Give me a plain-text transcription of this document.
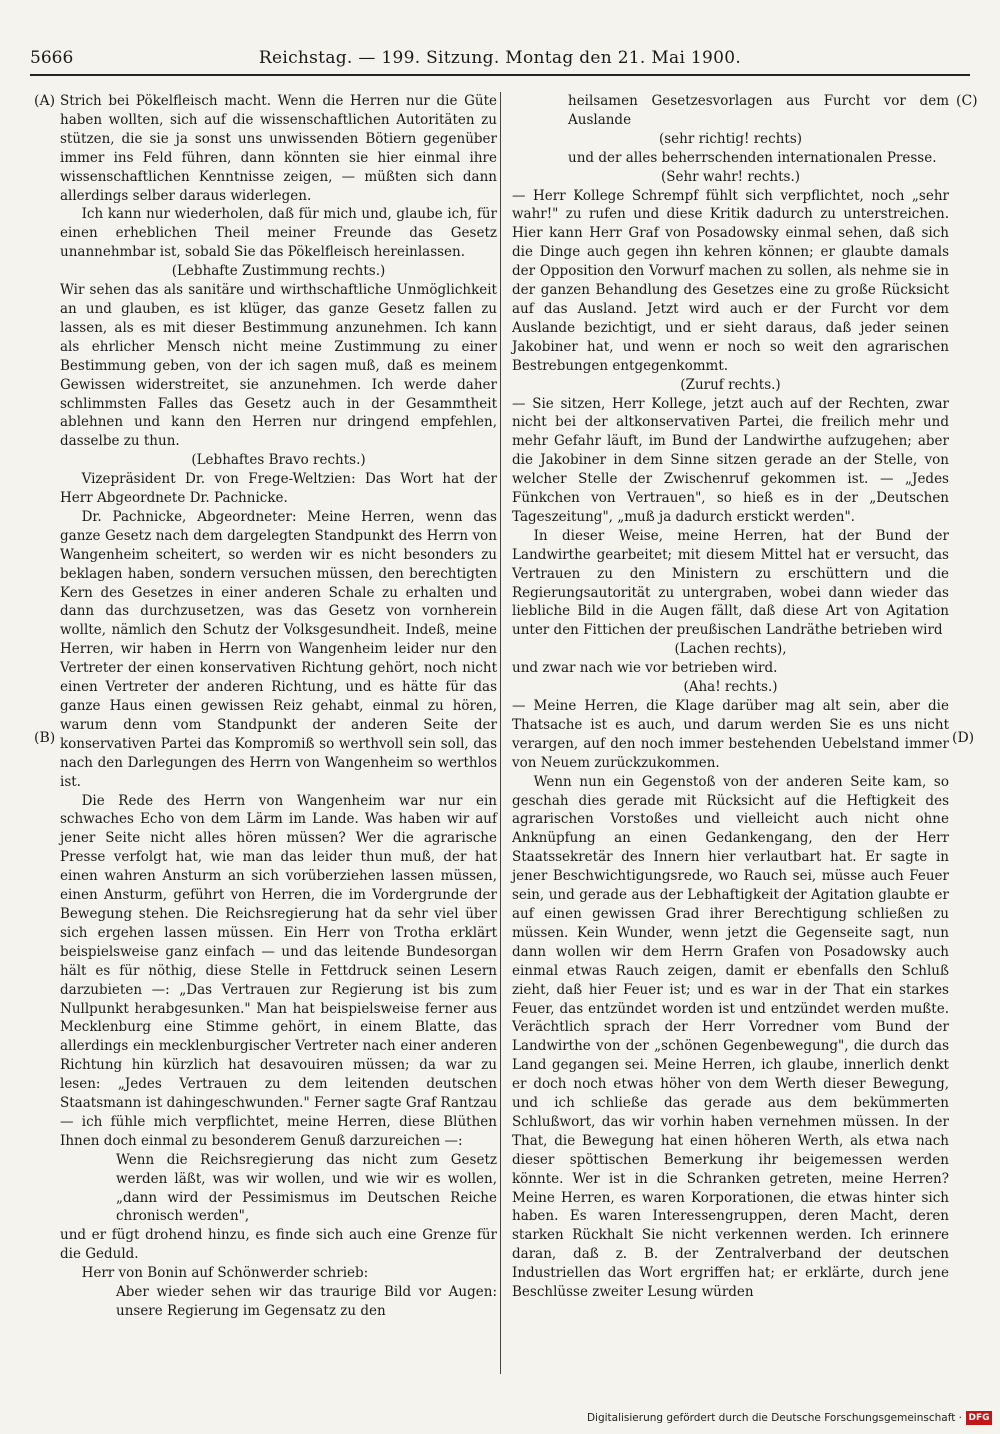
5666	Reichstag. — 199. Sitzung. Montag den 21. Mai 1900.
(A)
(B)
(C)
(D)

Strich bei Pökelfleisch macht. Wenn die Herren nur die Güte haben wollten, sich auf die wissenschaftlichen Autoritäten zu stützen, die sie ja sonst uns unwissenden Bötiern gegenüber immer ins Feld führen, dann könnten sie hier einmal ihre wissenschaftlichen Kenntnisse zeigen, — müßten sich dann allerdings selber daraus widerlegen.

Ich kann nur wiederholen, daß für mich und, glaube ich, für einen erheblichen Theil meiner Freunde das Gesetz unannehmbar ist, sobald Sie das Pökelfleisch hereinlassen.

(Lebhafte Zustimmung rechts.)

Wir sehen das als sanitäre und wirthschaftliche Unmöglichkeit an und glauben, es ist klüger, das ganze Gesetz fallen zu lassen, als es mit dieser Bestimmung anzunehmen. Ich kann als ehrlicher Mensch nicht meine Zustimmung zu einer Bestimmung geben, von der ich sagen muß, daß es meinem Gewissen widerstreitet, sie anzunehmen. Ich werde daher schlimmsten Falles das Gesetz auch in der Gesammtheit ablehnen und kann den Herren nur dringend empfehlen, dasselbe zu thun.

(Lebhaftes Bravo rechts.)

Vizepräsident Dr. von Frege-Weltzien: Das Wort hat der Herr Abgeordnete Dr. Pachnicke.

Dr. Pachnicke, Abgeordneter: Meine Herren, wenn das ganze Gesetz nach dem dargelegten Standpunkt des Herrn von Wangenheim scheitert, so werden wir es nicht besonders zu beklagen haben, sondern versuchen müssen, den berechtigten Kern des Gesetzes in einer anderen Schale zu erhalten und dann das durchzusetzen, was das Gesetz von vornherein wollte, nämlich den Schutz der Volksgesundheit. Indeß, meine Herren, wir haben in Herrn von Wangenheim leider nur den Vertreter der einen konservativen Richtung gehört, noch nicht einen Vertreter der anderen Richtung, und es hätte für das ganze Haus einen gewissen Reiz gehabt, einmal zu hören, warum denn vom Standpunkt der anderen Seite der konservativen Partei das Kompromiß so werthvoll sein soll, das nach den Darlegungen des Herrn von Wangenheim so werthlos ist.

Die Rede des Herrn von Wangenheim war nur ein schwaches Echo von dem Lärm im Lande. Was haben wir auf jener Seite nicht alles hören müssen? Wer die agrarische Presse verfolgt hat, wie man das leider thun muß, der hat einen wahren Ansturm an sich vorüberziehen lassen müssen, einen Ansturm, geführt von Herren, die im Vordergrunde der Bewegung stehen. Die Reichsregierung hat da sehr viel über sich ergehen lassen müssen. Ein Herr von Trotha erklärt beispielsweise ganz einfach — und das leitende Bundesorgan hält es für nöthig, diese Stelle in Fettdruck seinen Lesern darzubieten —: „Das Vertrauen zur Regierung ist bis zum Nullpunkt herabgesunken." Man hat beispielsweise ferner aus Mecklenburg eine Stimme gehört, in einem Blatte, das allerdings ein mecklenburgischer Vertreter nach einer anderen Richtung hin kürzlich hat desavouiren müssen; da war zu lesen: „Jedes Vertrauen zu dem leitenden deutschen Staatsmann ist dahingeschwunden." Ferner sagte Graf Rantzau — ich fühle mich verpflichtet, meine Herren, diese Blüthen Ihnen doch einmal zu besonderem Genuß darzureichen —:

Wenn die Reichsregierung das nicht zum Gesetz werden läßt, was wir wollen, und wie wir es wollen, „dann wird der Pessimismus im Deutschen Reiche chronisch werden",

und er fügt drohend hinzu, es finde sich auch eine Grenze für die Geduld.

Herr von Bonin auf Schönwerder schrieb:

Aber wieder sehen wir das traurige Bild vor Augen: unsere Regierung im Gegensatz zu den

heilsamen Gesetzesvorlagen aus Furcht vor dem Auslande

(sehr richtig! rechts)

und der alles beherrschenden internationalen Presse.

(Sehr wahr! rechts.)

— Herr Kollege Schrempf fühlt sich verpflichtet, noch „sehr wahr!" zu rufen und diese Kritik dadurch zu unterstreichen. Hier kann Herr Graf von Posadowsky einmal sehen, daß sich die Dinge auch gegen ihn kehren können; er glaubte damals der Opposition den Vorwurf machen zu sollen, als nehme sie in der ganzen Behandlung des Gesetzes eine zu große Rücksicht auf das Ausland. Jetzt wird auch er der Furcht vor dem Auslande bezichtigt, und er sieht daraus, daß jeder seinen Jakobiner hat, und wenn er noch so weit den agrarischen Bestrebungen entgegenkommt.

(Zuruf rechts.)

— Sie sitzen, Herr Kollege, jetzt auch auf der Rechten, zwar nicht bei der altkonservativen Partei, die freilich mehr und mehr Gefahr läuft, im Bund der Landwirthe aufzugehen; aber die Jakobiner in dem Sinne sitzen gerade an der Stelle, von welcher Stelle der Zwischenruf gekommen ist. — „Jedes Fünkchen von Vertrauen", so hieß es in der „Deutschen Tageszeitung", „muß ja dadurch erstickt werden".

In dieser Weise, meine Herren, hat der Bund der Landwirthe gearbeitet; mit diesem Mittel hat er versucht, das Vertrauen zu den Ministern zu erschüttern und die Regierungsautorität zu untergraben, wobei dann wieder das liebliche Bild in die Augen fällt, daß diese Art von Agitation unter den Fittichen der preußischen Landräthe betrieben wird

(Lachen rechts),

und zwar nach wie vor betrieben wird.

(Aha! rechts.)

— Meine Herren, die Klage darüber mag alt sein, aber die Thatsache ist es auch, und darum werden Sie es uns nicht verargen, auf den noch immer bestehenden Uebelstand immer von Neuem zurückzukommen.

Wenn nun ein Gegenstoß von der anderen Seite kam, so geschah dies gerade mit Rücksicht auf die Heftigkeit des agrarischen Vorstoßes und vielleicht auch nicht ohne Anknüpfung an einen Gedankengang, den der Herr Staatssekretär des Innern hier verlautbart hat. Er sagte in jener Beschwichtigungsrede, wo Rauch sei, müsse auch Feuer sein, und gerade aus der Lebhaftigkeit der Agitation glaubte er auf einen gewissen Grad ihrer Berechtigung schließen zu müssen. Kein Wunder, wenn jetzt die Gegenseite sagt, nun dann wollen wir dem Herrn Grafen von Posadowsky auch einmal etwas Rauch zeigen, damit er ebenfalls den Schluß zieht, daß hier Feuer ist; und es war in der That ein starkes Feuer, das entzündet worden ist und entzündet werden mußte. Verächtlich sprach der Herr Vorredner vom Bund der Landwirthe von der „schönen Gegenbewegung", die durch das Land gegangen sei. Meine Herren, ich glaube, innerlich denkt er doch noch etwas höher von dem Werth dieser Bewegung, und ich schließe das gerade aus dem bekümmerten Schlußwort, das wir vorhin haben vernehmen müssen. In der That, die Bewegung hat einen höheren Werth, als etwa nach dieser spöttischen Bemerkung ihr beigemessen werden könnte. Wer ist in die Schranken getreten, meine Herren? Meine Herren, es waren Korporationen, die etwas hinter sich haben. Es waren Interessengruppen, deren Macht, deren starken Rückhalt Sie nicht verkennen werden. Ich erinnere daran, daß z. B. der Zentralverband der deutschen Industriellen das Wort ergriffen hat; er erklärte, durch jene Beschlüsse zweiter Lesung würden

Digitalisierung gefördert durch die Deutsche Forschungsgemeinschaft · DFG
